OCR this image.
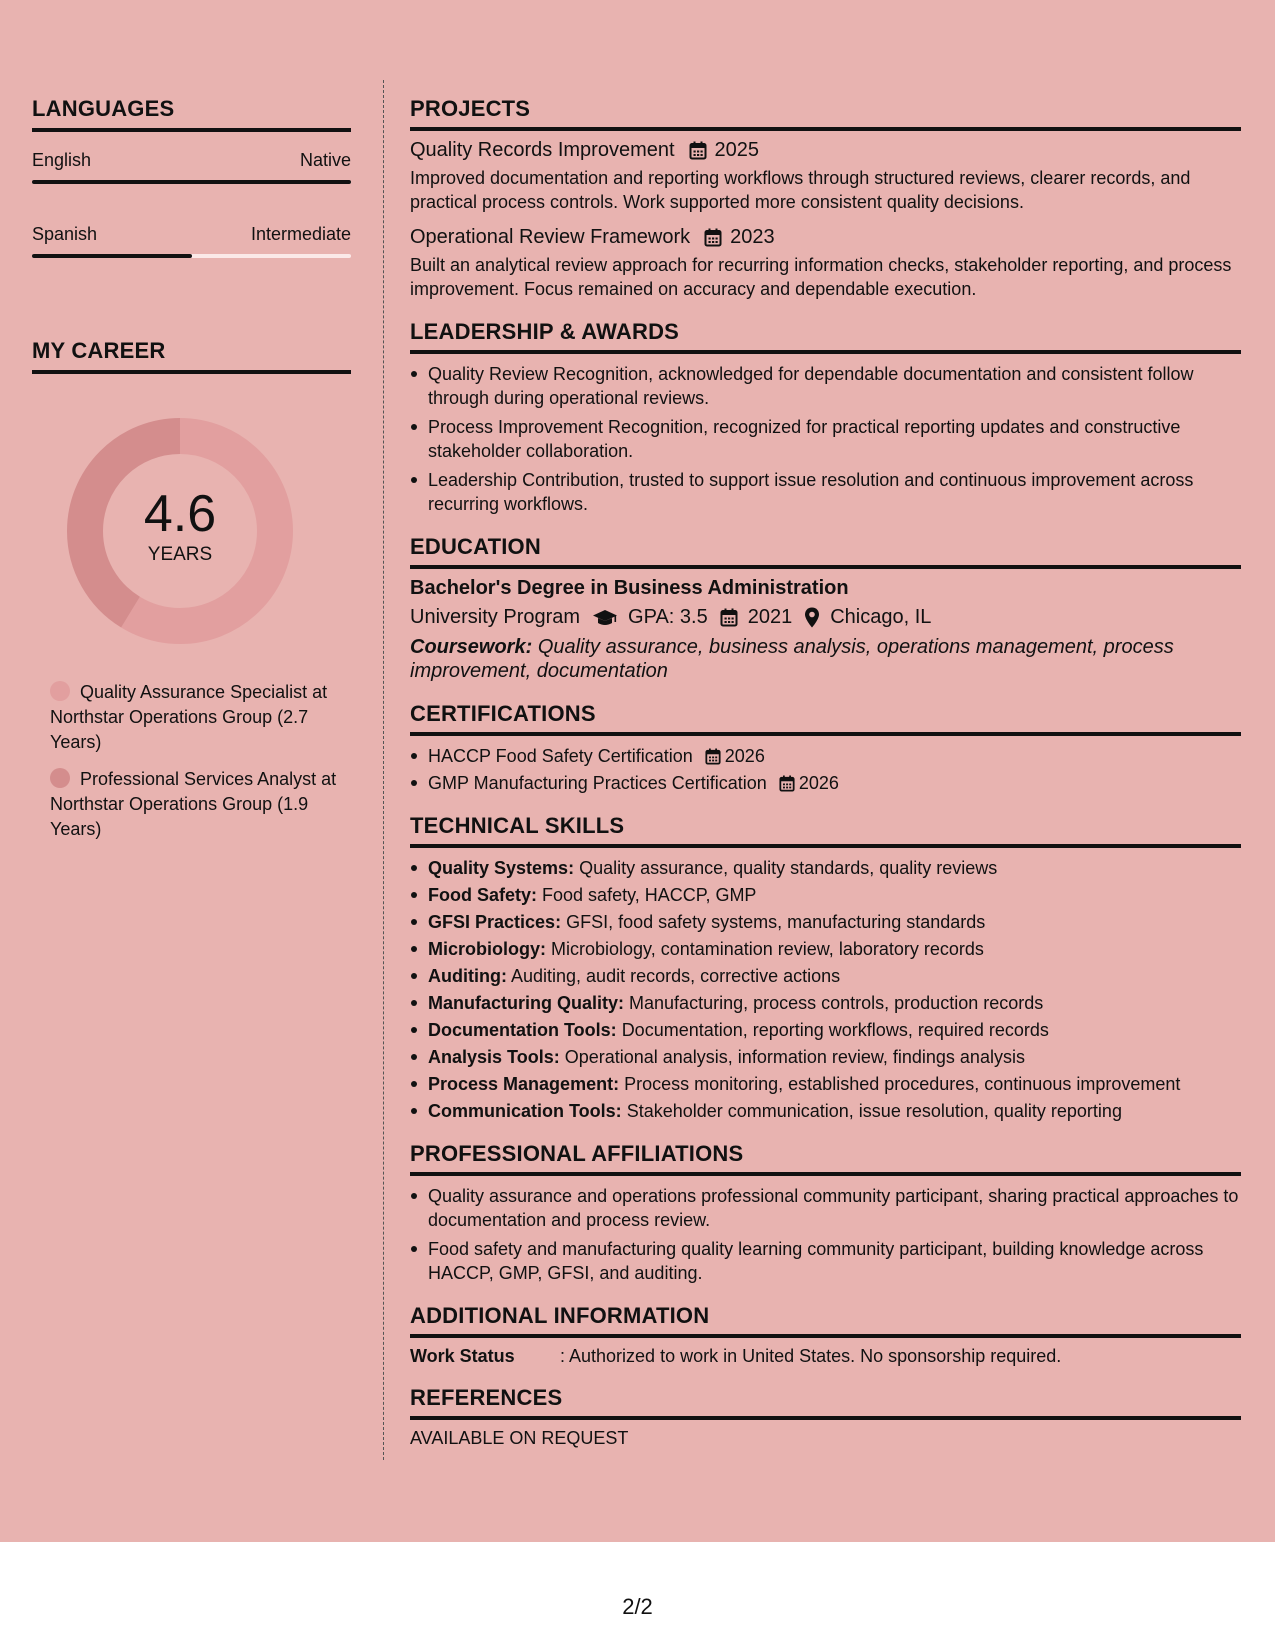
LANGUAGES
English	Native
Spanish	Intermediate
MY CAREER
4.6
YEARS
Quality Assurance Specialist at Northstar Operations Group (2.7 Years)
Professional Services Analyst at Northstar Operations Group (1.9 Years)
PROJECTS
Quality Records Improvement 2025
Improved documentation and reporting workflows through structured reviews, clearer records, and practical process controls. Work supported more consistent quality decisions.
Operational Review Framework 2023
Built an analytical review approach for recurring information checks, stakeholder reporting, and process improvement. Focus remained on accuracy and dependable execution.
LEADERSHIP & AWARDS
Quality Review Recognition, acknowledged for dependable documentation and consistent follow through during operational reviews.
Process Improvement Recognition, recognized for practical reporting updates and constructive stakeholder collaboration.
Leadership Contribution, trusted to support issue resolution and continuous improvement across recurring workflows.
EDUCATION
Bachelor's Degree in Business Administration
University Program GPA: 3.5 2021 Chicago, IL
Coursework: Quality assurance, business analysis, operations management, process improvement, documentation
CERTIFICATIONS
HACCP Food Safety Certification 2026
GMP Manufacturing Practices Certification 2026
TECHNICAL SKILLS
Quality Systems: Quality assurance, quality standards, quality reviews
Food Safety: Food safety, HACCP, GMP
GFSI Practices: GFSI, food safety systems, manufacturing standards
Microbiology: Microbiology, contamination review, laboratory records
Auditing: Auditing, audit records, corrective actions
Manufacturing Quality: Manufacturing, process controls, production records
Documentation Tools: Documentation, reporting workflows, required records
Analysis Tools: Operational analysis, information review, findings analysis
Process Management: Process monitoring, established procedures, continuous improvement
Communication Tools: Stakeholder communication, issue resolution, quality reporting
PROFESSIONAL AFFILIATIONS
Quality assurance and operations professional community participant, sharing practical approaches to documentation and process review.
Food safety and manufacturing quality learning community participant, building knowledge across HACCP, GMP, GFSI, and auditing.
ADDITIONAL INFORMATION
Work Status	: Authorized to work in United States. No sponsorship required.
REFERENCES
AVAILABLE ON REQUEST
2/2
